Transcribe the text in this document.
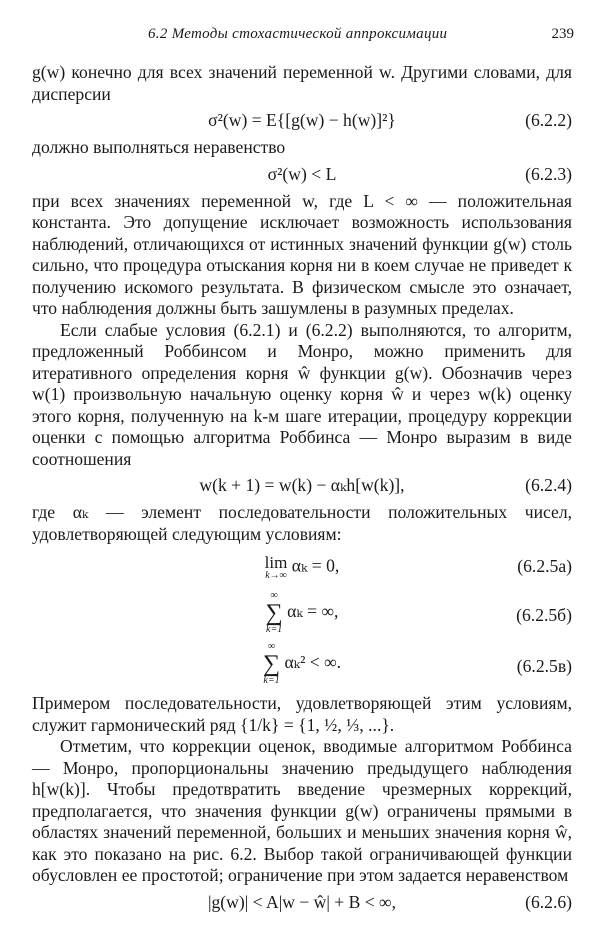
6.2 Методы стохастической аппроксимации	239

g(w) конечно для всех значений переменной w. Другими словами, для дисперсии

σ²(w) = E{[g(w) − h(w)]²}	(6.2.2)

должно выполняться неравенство

σ²(w) < L	(6.2.3)

при всех значениях переменной w, где L < ∞ — положительная константа. Это допущение исключает возможность использования наблюдений, отличающихся от истинных значений функции g(w) столь сильно, что процедура отыскания корня ни в коем случае не приведет к получению искомого результата. В физическом смысле это означает, что наблюдения должны быть зашумлены в разумных пределах.

Если слабые условия (6.2.1) и (6.2.2) выполняются, то алгоритм, предложенный Роббинсом и Монро, можно применить для итеративного определения корня ŵ функции g(w). Обозначив через w(1) произвольную начальную оценку корня ŵ и через w(k) оценку этого корня, полученную на k-м шаге итерации, процедуру коррекции оценки с помощью алгоритма Роббинса — Монро выразим в виде соотношения

w(k + 1) = w(k) − αₖh[w(k)],	(6.2.4)

где αₖ — элемент последовательности положительных чисел, удовлетворяющей следующим условиям:

lim
k→∞ αₖ = 0,	(6.2.5а)
∞
∑
k=1
αₖ = ∞,	(6.2.5б)
∞
∑
k=1
αₖ² < ∞.	(6.2.5в)

Примером последовательности, удовлетворяющей этим условиям, служит гармонический ряд {1/k} = {1, ½, ⅓, ...}.

Отметим, что коррекции оценок, вводимые алгоритмом Роббинса — Монро, пропорциональны значению предыдущего наблюдения h[w(k)]. Чтобы предотвратить введение чрезмерных коррекций, предполагается, что значения функции g(w) ограничены прямыми в областях значений переменной, больших и меньших значения корня ŵ, как это показано на рис. 6.2. Выбор такой ограничивающей функции обусловлен ее простотой; ограничение при этом задается неравенством

|g(w)| < A|w − ŵ| + B < ∞,	(6.2.6)
